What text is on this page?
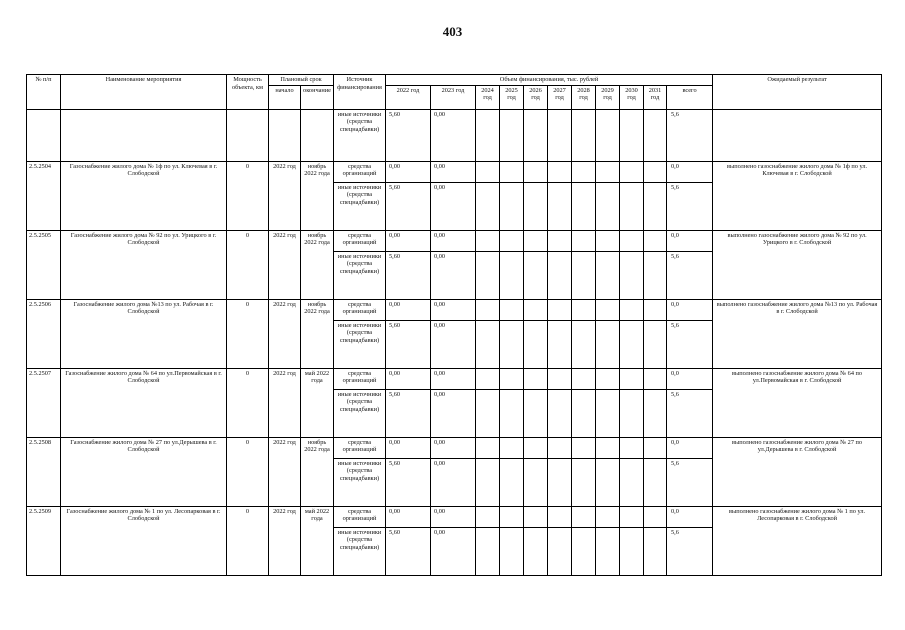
403
№ п/п	Наименование мероприятия	Мощность объекта, км	Плановый срок		Источник финансирования	Объем финансирования, тыс. рублей											Ожидаемый результат
			начало	окончание		2022 год	2023 год	2024 год	2025 год	2026 год	2027 год	2028 год	2029 год	2030 год	2031 год	всего	
					иные источники (средства спецнадбавки)	5,60	0,00									5,6	
2.5.2504	Газоснабжение жилого дома № 1ф по ул. Ключевая в г. Слободской	0	2022 год	ноябрь 2022 года	средства организаций	0,00	0,00									0,0	выполнено газоснабжение жилого дома № 1ф по ул. Ключевая в г. Слободской
					иные источники (средства спецнадбавки)	5,60	0,00									5,6	
2.5.2505	Газоснабжение жилого дома № 92 по ул. Урицкого в г. Слободской	0	2022 год	ноябрь 2022 года	средства организаций	0,00	0,00									0,0	выполнено газоснабжение жилого дома № 92 по ул. Урицкого в г. Слободской
					иные источники (средства спецнадбавки)	5,60	0,00									5,6	
2.5.2506	Газоснабжение жилого дома №13 по ул. Рабочая в г. Слободской	0	2022 год	ноябрь 2022 года	средства организаций	0,00	0,00									0,0	выполнено газоснабжение жилого дома №13 по ул. Рабочая в г. Слободской
					иные источники (средства спецнадбавки)	5,60	0,00									5,6	
2.5.2507	Газоснабжение жилого дома № 64 по ул.Первомайская в г. Слободской	0	2022 год	май 2022 года	средства организаций	0,00	0,00									0,0	выполнено газоснабжение жилого дома № 64 по ул.Первомайская в г. Слободской
					иные источники (средства спецнадбавки)	5,60	0,00									5,6	
2.5.2508	Газоснабжение жилого дома № 27 по ул.Дерышева в г. Слободской	0	2022 год	ноябрь 2022 года	средства организаций	0,00	0,00									0,0	выполнено газоснабжение жилого дома № 27 по ул.Дерышева в г. Слободской
					иные источники (средства спецнадбавки)	5,60	0,00									5,6	
2.5.2509	Газоснабжение жилого дома № 1 по ул. Лесопарковая в г. Слободской	0	2022 год	май 2022 года	средства организаций	0,00	0,00									0,0	выполнено газоснабжение жилого дома № 1 по ул. Лесопарковая в г. Слободской
					иные источники (средства спецнадбавки)	5,60	0,00									5,6	
